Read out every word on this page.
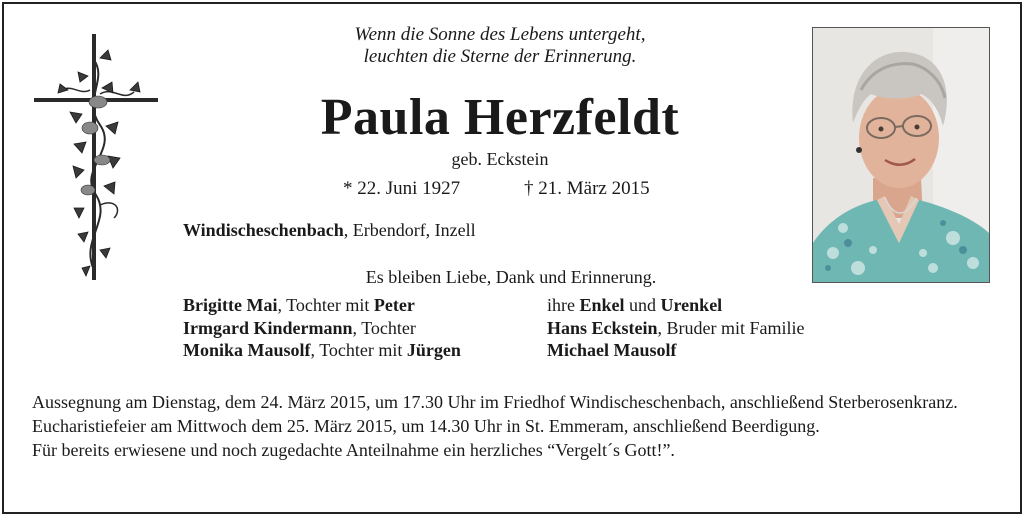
Wenn die Sonne des Lebens untergeht,
leuchten die Sterne der Erinnerung.
Paula Herzfeldt
geb. Eckstein
* 22. Juni 1927	† 21. März 2015
Windischeschenbach, Erbendorf, Inzell
Es bleiben Liebe, Dank und Erinnerung.
Brigitte Mai, Tochter mit Peter
Irmgard Kindermann, Tochter
Monika Mausolf, Tochter mit Jürgen
ihre Enkel und Urenkel
Hans Eckstein, Bruder mit Familie
Michael Mausolf

Aussegnung am Dienstag, dem 24. März 2015, um 17.30 Uhr im Friedhof Windischeschenbach, anschließend Sterberosenkranz.

Eucharistiefeier am Mittwoch dem 25. März 2015, um 14.30 Uhr in St. Emmeram, anschließend Beerdigung.

Für bereits erwiesene und noch zugedachte Anteilnahme ein herzliches “Vergelt´s Gott!”.
